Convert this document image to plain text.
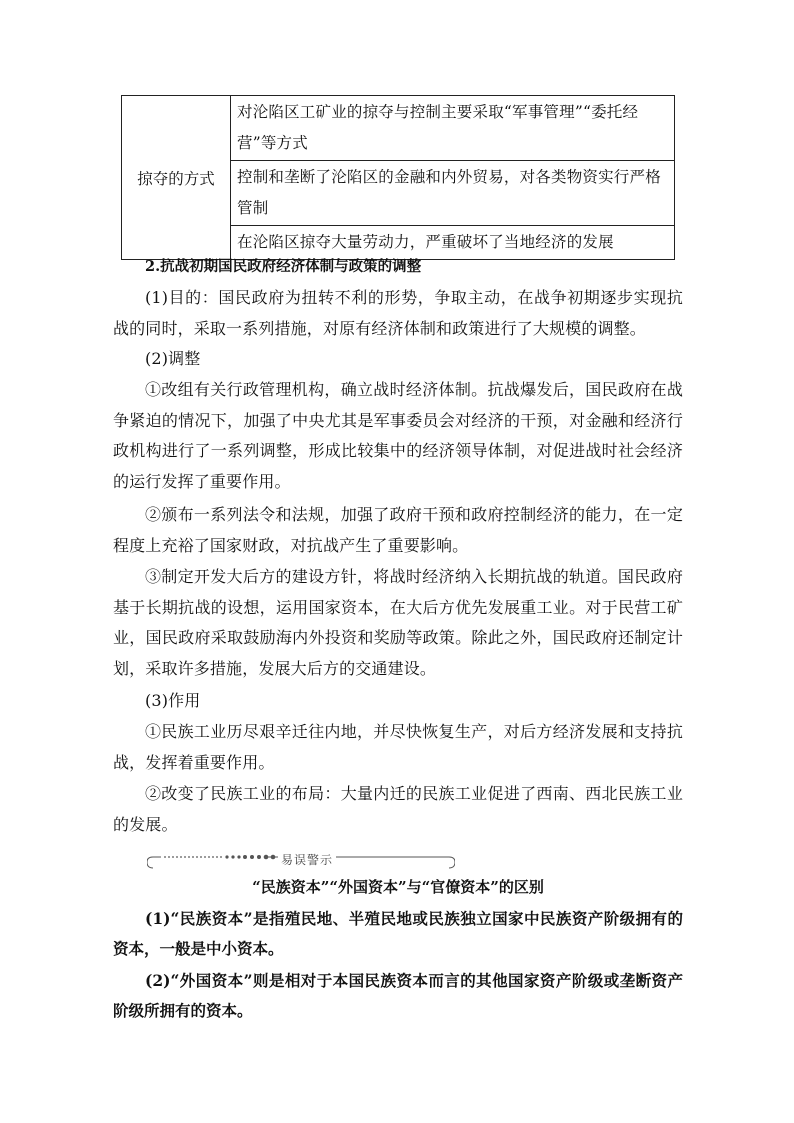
掠夺的方式	对沦陷区工矿业的掠夺与控制主要采取“军事管理”“委托经营”等方式
控制和垄断了沦陷区的金融和内外贸易，对各类物资实行严格管制
在沦陷区掠夺大量劳动力，严重破坏了当地经济的发展
2.抗战初期国民政府经济体制与政策的调整

(1)目的：国民政府为扭转不利的形势，争取主动，在战争初期逐步实现抗战的同时，采取一系列措施，对原有经济体制和政策进行了大规模的调整。

(2)调整

①改组有关行政管理机构，确立战时经济体制。抗战爆发后，国民政府在战争紧迫的情况下，加强了中央尤其是军事委员会对经济的干预，对金融和经济行政机构进行了一系列调整，形成比较集中的经济领导体制，对促进战时社会经济的运行发挥了重要作用。

②颁布一系列法令和法规，加强了政府干预和政府控制经济的能力，在一定程度上充裕了国家财政，对抗战产生了重要影响。

③制定开发大后方的建设方针，将战时经济纳入长期抗战的轨道。国民政府基于长期抗战的设想，运用国家资本，在大后方优先发展重工业。对于民营工矿业，国民政府采取鼓励海内外投资和奖励等政策。除此之外，国民政府还制定计划，采取许多措施，发展大后方的交通建设。

(3)作用

①民族工业历尽艰辛迁往内地，并尽快恢复生产，对后方经济发展和支持抗战，发挥着重要作用。

②改变了民族工业的布局：大量内迁的民族工业促进了西南、西北民族工业的发展。

易误警示
“民族资本”“外国资本”与“官僚资本”的区别

(1)“民族资本”是指殖民地、半殖民地或民族独立国家中民族资产阶级拥有的资本，一般是中小资本。

(2)“外国资本”则是相对于本国民族资本而言的其他国家资产阶级或垄断资产阶级所拥有的资本。
